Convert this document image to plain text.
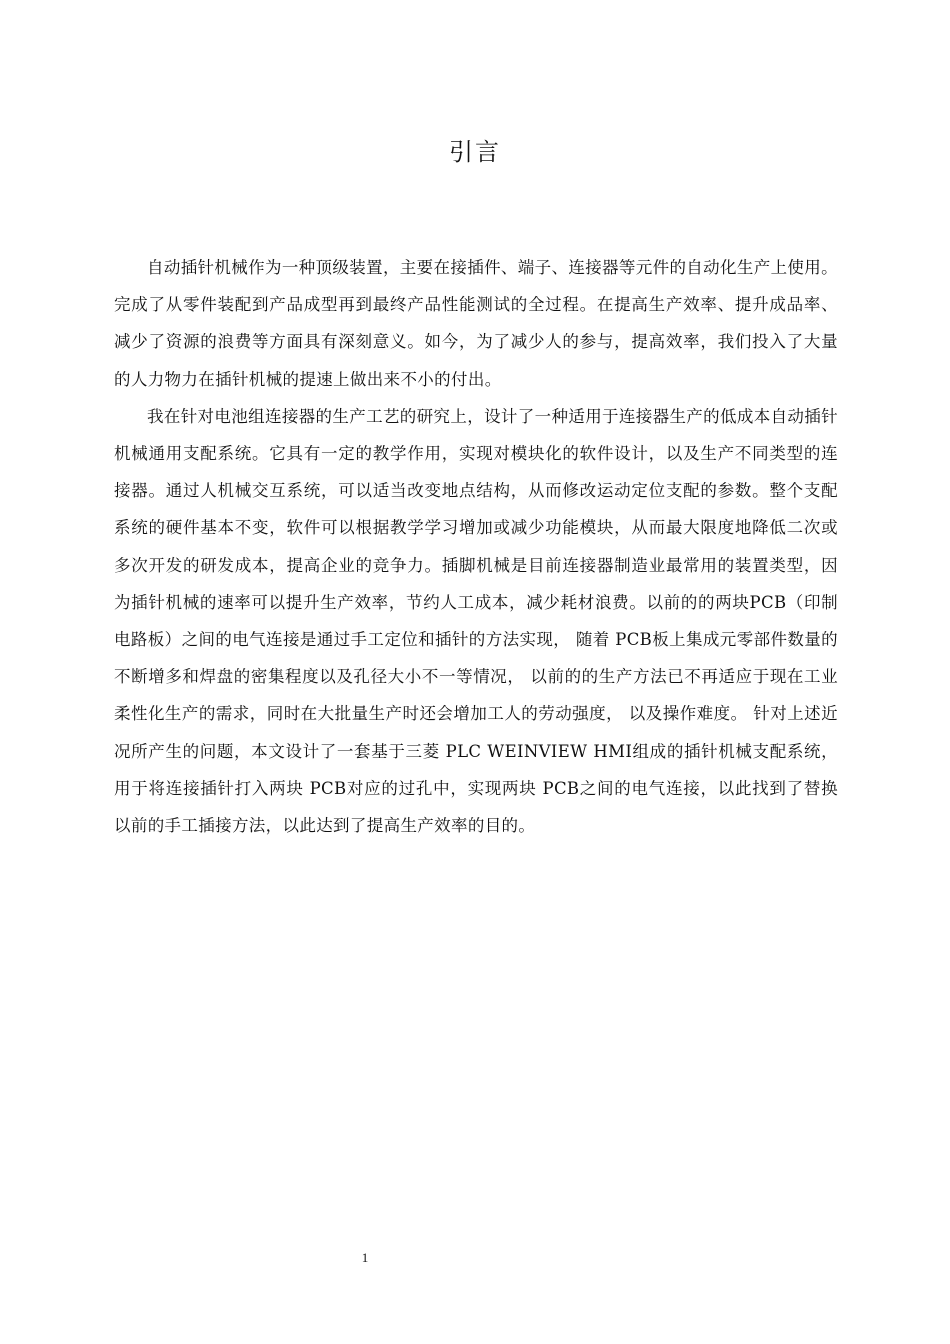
引言

自动插针机械作为一种顶级装置，主要在接插件、端子、连接器等元件的自动化生产上使用。完成了从零件装配到产品成型再到最终产品性能测试的全过程。在提高生产效率、提升成品率、减少了资源的浪费等方面具有深刻意义。如今，为了减少人的参与，提高效率，我们投入了大量的人力物力在插针机械的提速上做出来不小的付出。

我在针对电池组连接器的生产工艺的研究上，设计了一种适用于连接器生产的低成本自动插针机械通用支配系统。它具有一定的教学作用，实现对模块化的软件设计，以及生产不同类型的连接器。通过人机械交互系统，可以适当改变地点结构，从而修改运动定位支配的参数。整个支配系统的硬件基本不变，软件可以根据教学学习增加或减少功能模块，从而最大限度地降低二次或多次开发的研发成本，提高企业的竞争力。插脚机械是目前连接器制造业最常用的装置类型，因为插针机械的速率可以提升生产效率，节约人工成本，减少耗材浪费。以前的的两块PCB（印制电路板）之间的电气连接是通过手工定位和插针的方法实现， 随着 PCB板上集成元零部件数量的不断增多和焊盘的密集程度以及孔径大小不一等情况， 以前的的生产方法已不再适应于现在工业柔性化生产的需求，同时在大批量生产时还会增加工人的劳动强度， 以及操作难度。 针对上述近况所产生的问题，本文设计了一套基于三菱 PLC WEINVIEW HMI组成的插针机械支配系统， 用于将连接插针打入两块 PCB对应的过孔中，实现两块 PCB之间的电气连接，以此找到了替换以前的手工插接方法，以此达到了提高生产效率的目的。

1
